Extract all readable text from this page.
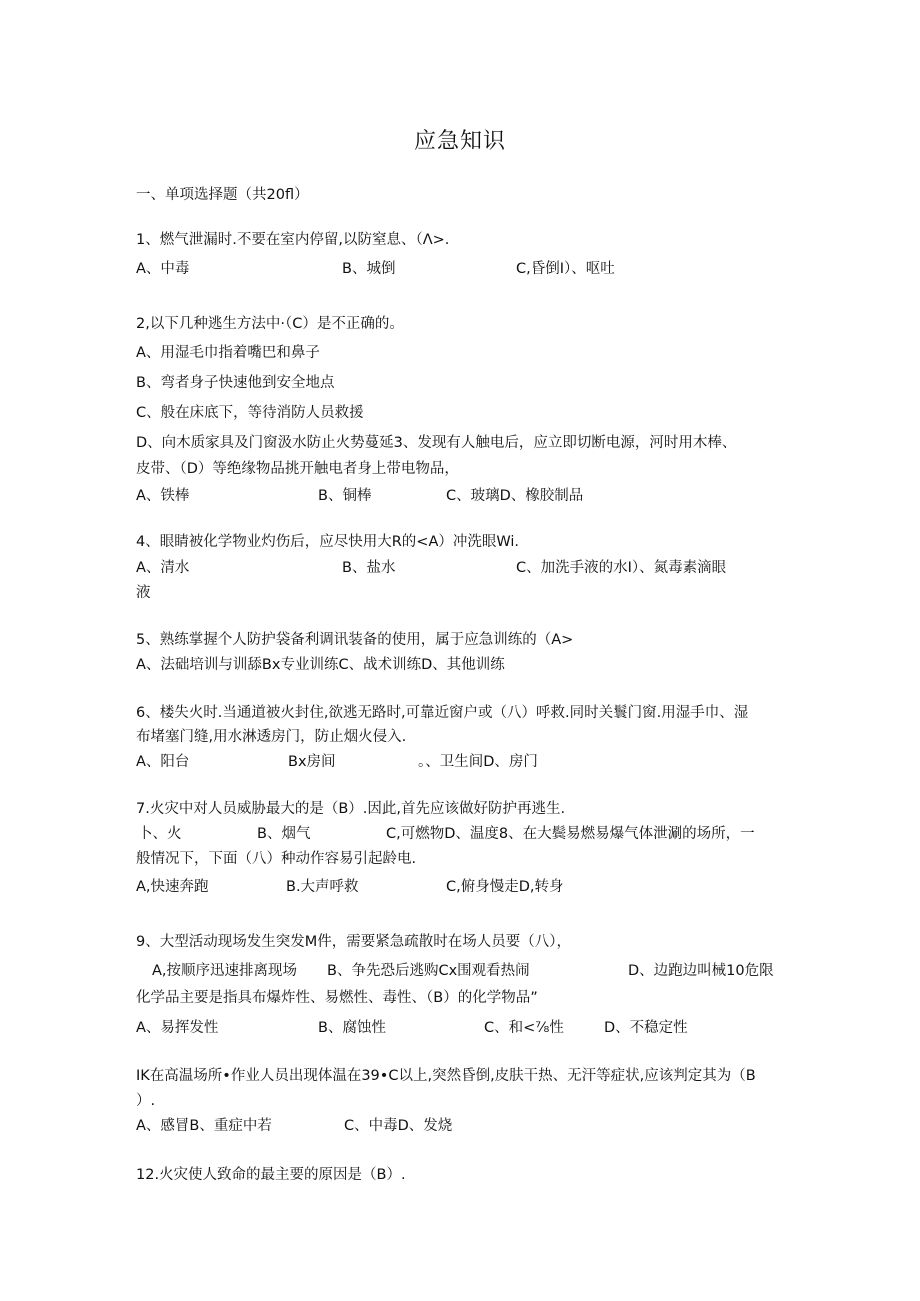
应急知识
一、单项选择题（共20fl）
1、燃气泄漏时.不要在室内停留,以防窒息、（Λ>.
A、中毒	B、城倒	C,昏倒I）、呕吐
2,以下几种逃生方法中·（C）是不正确的。
A、用湿毛巾指着嘴巴和鼻子
B、弯者身子快速他到安全地点
C、般在床底下，等待消防人员救援
D、向木质家具及门窗汲水防止火势蔓延3、发现有人触电后，应立即切断电源，河时用木棒、
皮带、（D）等绝缘物品挑开触电者身上带电物品，
A、铁棒	B、铜棒	C、玻璃D、橡胶制品
4、眼睛被化学物业灼伤后，应尽快用大R的<A）冲洗眼Wi.
A、清水	B、盐水	C、加洗手液的水I）、氮毒素滴眼
液
5、熟练掌握个人防护袋备利调讯装备的使用，属于应急训练的（A>
A、法础培训与训舔Bx专业训练C、战术训练D、其他训练
6、楼失火时.当通道被火封住,欲逃无路时,可靠近窗户或（八）呼救.同时关鬟门窗.用湿手巾、湿
布堵塞门缝,用水淋透房门，防止烟火侵入.
A、阳台	Bx房间	。、卫生间D、房门
7.火灾中对人员威胁最大的是（B）.因此,首先应该做好防护再逃生.
卜、火	B、烟气	C,可燃物D、温度8、在大鬓易燃易爆气体泄涮的场所，一
般情况下，下面（八）种动作容易引起龄电.
A,快速奔跑	B.大声呼救	C,俯身慢走D,转身
9、大型活动现场发生突发M件，需要紧急疏散时在场人员要（八），
A,按顺序迅速排离现场 B、争先恐后逃购Cx围观看热闹	D、边跑边叫械10危限
化学品主要是指具布爆炸性、易燃性、毒性、（B）的化学物品”
A、易挥发性	B、腐蚀性	C、和<⅞性	D、不稳定性
IK在高温场所•作业人员出现体温在39•C以上,突然昏倒,皮肤干热、无汗等症状,应该判定其为（B
）.
A、感冒B、重症中若	C、中毒D、发烧
12.火灾使人致命的最主要的原因是（B）.
